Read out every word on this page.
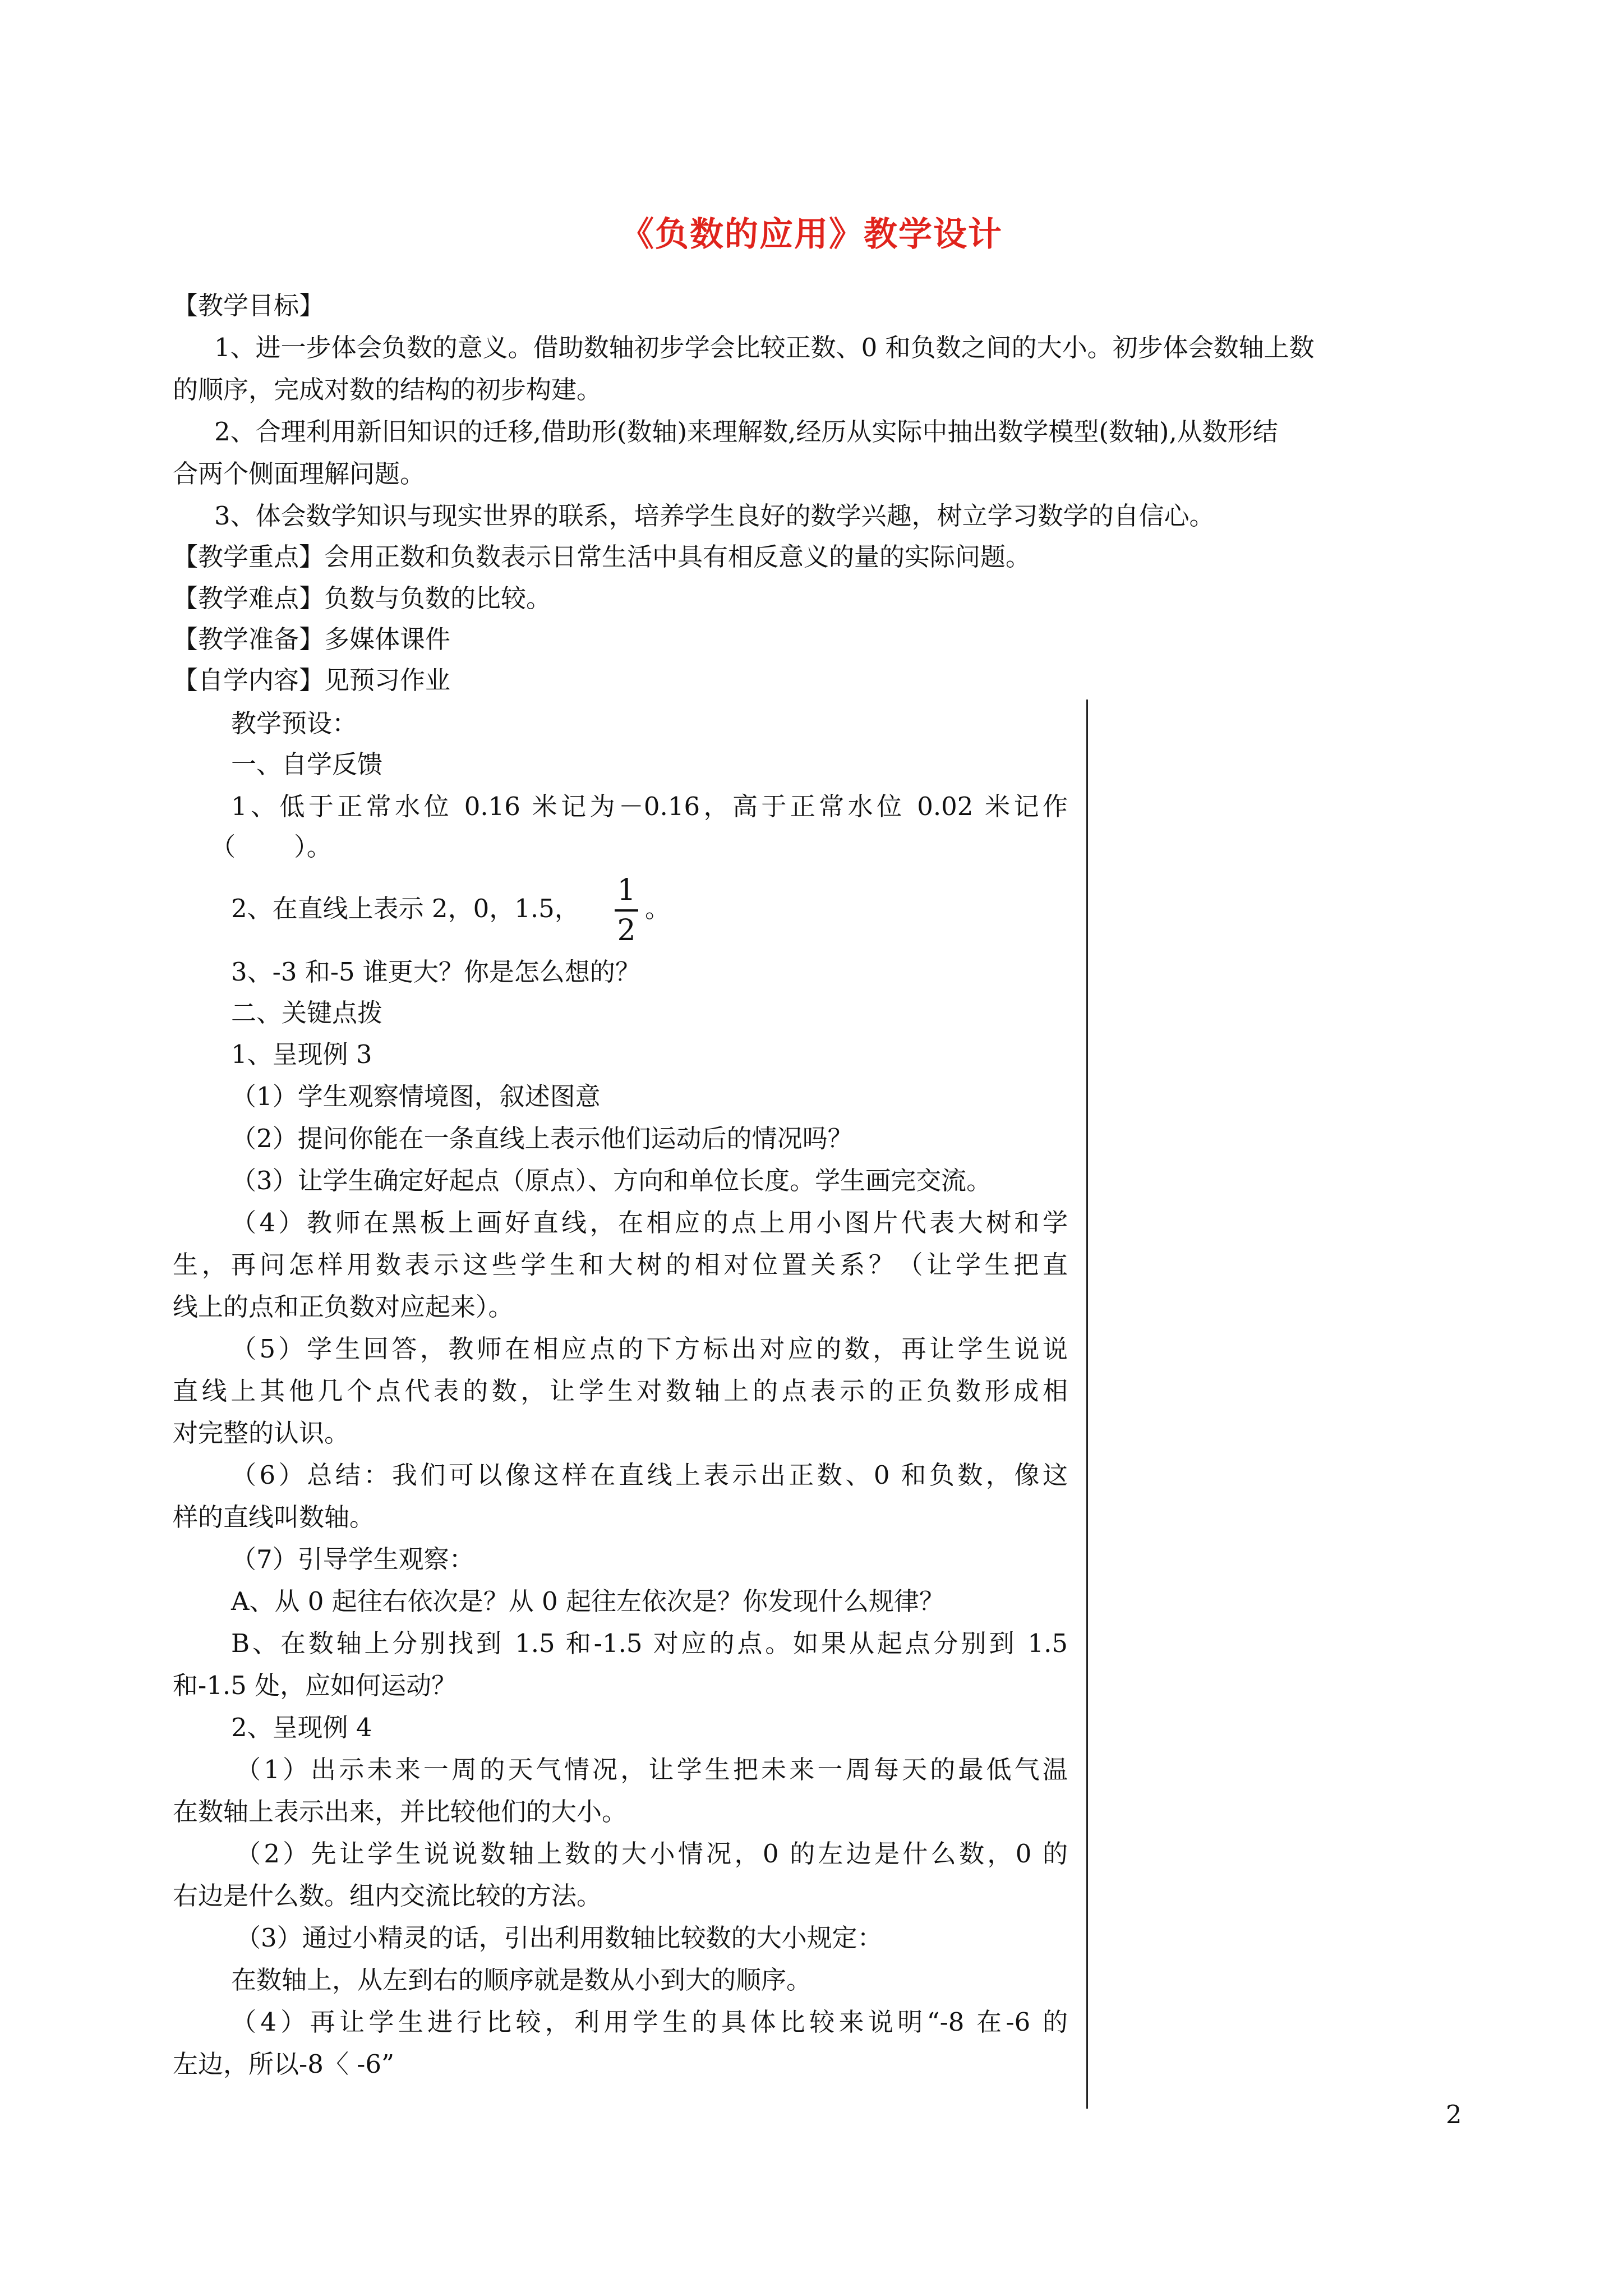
《负数的应用》教学设计
【教学目标】
1、进一步体会负数的意义。借助数轴初步学会比较正数、0 和负数之间的大小。初步体会数轴上数
的顺序，完成对数的结构的初步构建。
2、合理利用新旧知识的迁移,借助形(数轴)来理解数,经历从实际中抽出数学模型(数轴),从数形结
合两个侧面理解问题。
3、体会数学知识与现实世界的联系，培养学生良好的数学兴趣，树立学习数学的自信心。
【教学重点】会用正数和负数表示日常生活中具有相反意义的量的实际问题。
【教学难点】负数与负数的比较。
【教学准备】多媒体课件
【自学内容】见预习作业
教学预设：
一、自学反馈
1、低于正常水位 0.16 米记为－0.16，高于正常水位 0.02 米记作
（　　 ）。
2、在直线上表示 2，0，1.5，
1
2
。
3、-3 和-5 谁更大？你是怎么想的？
二、关键点拨
1、呈现例 3
（1）学生观察情境图，叙述图意
（2）提问你能在一条直线上表示他们运动后的情况吗？
（3）让学生确定好起点（原点）、方向和单位长度。学生画完交流。
（4）教师在黑板上画好直线，在相应的点上用小图片代表大树和学
生，再问怎样用数表示这些学生和大树的相对位置关系？（让学生把直
线上的点和正负数对应起来）。
（5）学生回答，教师在相应点的下方标出对应的数，再让学生说说
直线上其他几个点代表的数，让学生对数轴上的点表示的正负数形成相
对完整的认识。
（6）总结：我们可以像这样在直线上表示出正数、0 和负数，像这
样的直线叫数轴。
（7）引导学生观察：
A、从 0 起往右依次是？从 0 起往左依次是？你发现什么规律？
B、在数轴上分别找到 1.5 和-1.5 对应的点。如果从起点分别到 1.5
和-1.5 处，应如何运动？
2、呈现例 4
（1）出示未来一周的天气情况，让学生把未来一周每天的最低气温
在数轴上表示出来，并比较他们的大小。
（2）先让学生说说数轴上数的大小情况，0 的左边是什么数，0 的
右边是什么数。组内交流比较的方法。
（3）通过小精灵的话，引出利用数轴比较数的大小规定：
在数轴上，从左到右的顺序就是数从小到大的顺序。
（4）再让学生进行比较，利用学生的具体比较来说明“-8 在-6 的
左边，所以-8〈 -6”
2
